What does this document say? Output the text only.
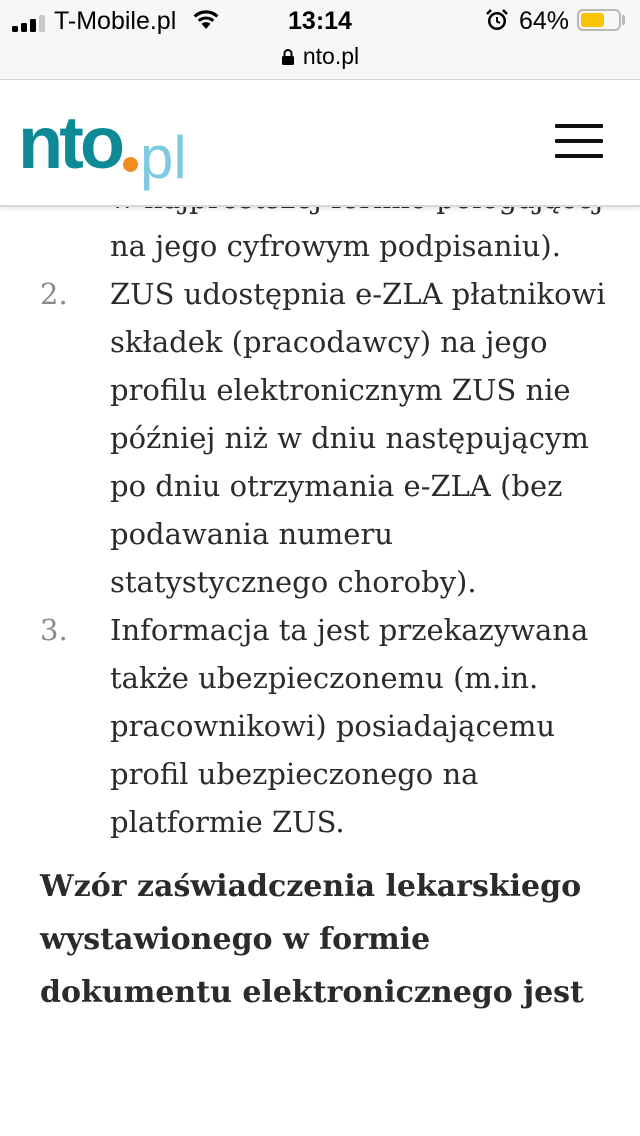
T-Mobile.pl	13:14	64%
nto.pl
nto pl

na jego cyfrowym podpisaniu).

2. ZUS udostępnia e-ZLA płatnikowi składek (pracodawcy) na jego profilu elektronicznym ZUS nie później niż w dniu następującym po dniu otrzymania e-ZLA (bez podawania numeru statystycznego choroby).

3. Informacja ta jest przekazywana także ubezpieczonemu (m.in. pracownikowi) posiadającemu profil ubezpieczonego na platformie ZUS.

Wzór zaświadczenia lekarskiego wystawionego w formie dokumentu elektronicznego jest
